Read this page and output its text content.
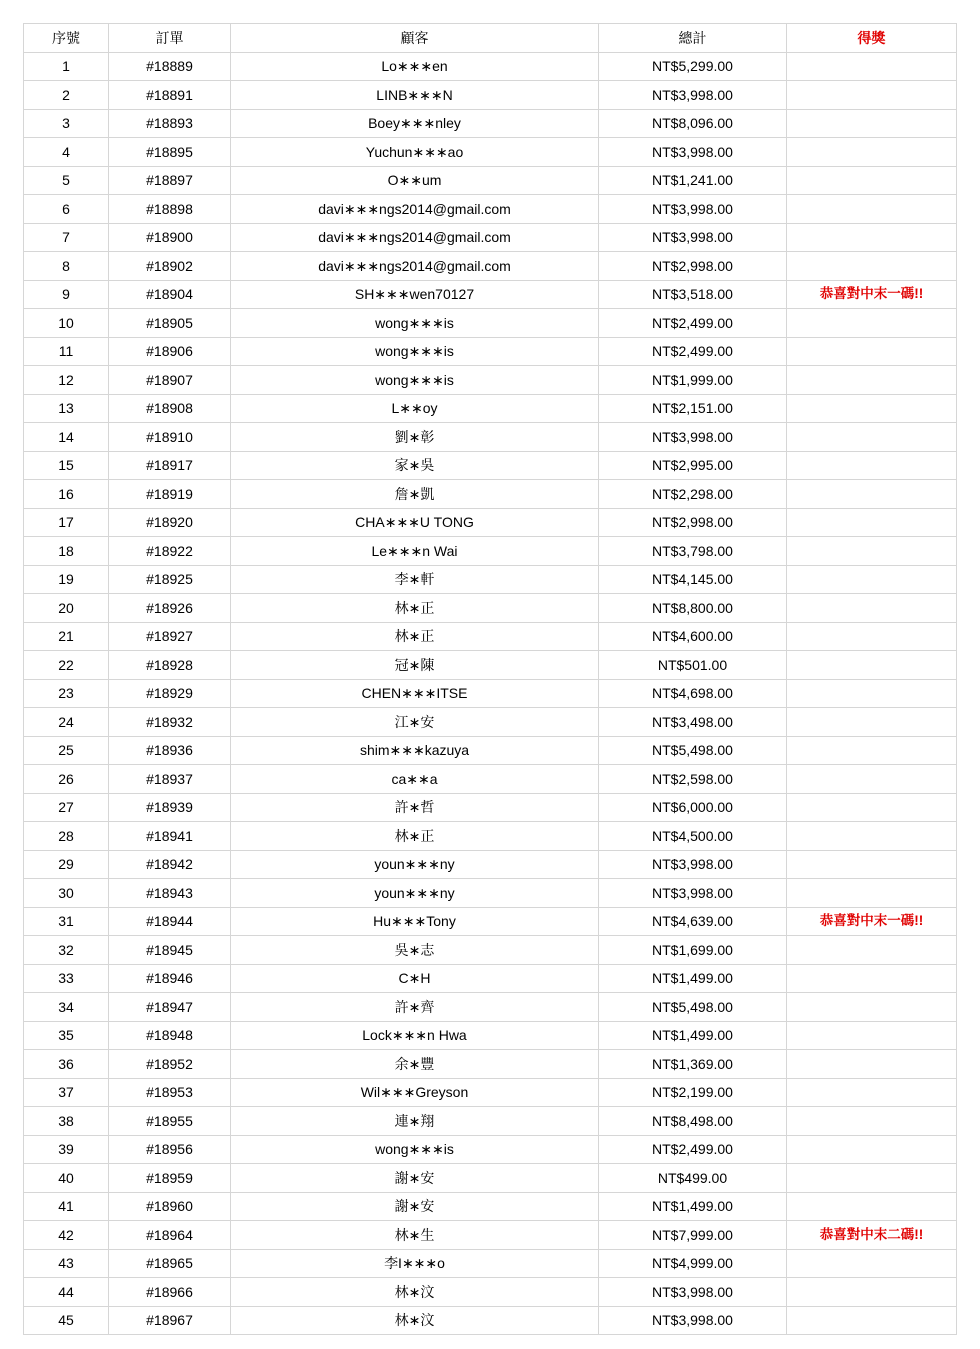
序號	訂單	顧客	總計	得獎
1	#18889	Lo∗∗∗en	NT$5,299.00	
2	#18891	LINB∗∗∗N	NT$3,998.00	
3	#18893	Boey∗∗∗nley	NT$8,096.00	
4	#18895	Yuchun∗∗∗ao	NT$3,998.00	
5	#18897	O∗∗um	NT$1,241.00	
6	#18898	davi∗∗∗ngs2014@gmail.com	NT$3,998.00	
7	#18900	davi∗∗∗ngs2014@gmail.com	NT$3,998.00	
8	#18902	davi∗∗∗ngs2014@gmail.com	NT$2,998.00	
9	#18904	SH∗∗∗wen70127	NT$3,518.00	恭喜對中末一碼!!
10	#18905	wong∗∗∗is	NT$2,499.00	
11	#18906	wong∗∗∗is	NT$2,499.00	
12	#18907	wong∗∗∗is	NT$1,999.00	
13	#18908	L∗∗oy	NT$2,151.00	
14	#18910	劉∗彰	NT$3,998.00	
15	#18917	家∗吳	NT$2,995.00	
16	#18919	詹∗凱	NT$2,298.00	
17	#18920	CHA∗∗∗U TONG	NT$2,998.00	
18	#18922	Le∗∗∗n Wai	NT$3,798.00	
19	#18925	李∗軒	NT$4,145.00	
20	#18926	林∗正	NT$8,800.00	
21	#18927	林∗正	NT$4,600.00	
22	#18928	冠∗陳	NT$501.00	
23	#18929	CHEN∗∗∗ITSE	NT$4,698.00	
24	#18932	江∗安	NT$3,498.00	
25	#18936	shim∗∗∗kazuya	NT$5,498.00	
26	#18937	ca∗∗a	NT$2,598.00	
27	#18939	許∗哲	NT$6,000.00	
28	#18941	林∗正	NT$4,500.00	
29	#18942	youn∗∗∗ny	NT$3,998.00	
30	#18943	youn∗∗∗ny	NT$3,998.00	
31	#18944	Hu∗∗∗Tony	NT$4,639.00	恭喜對中末一碼!!
32	#18945	吳∗志	NT$1,699.00	
33	#18946	C∗H	NT$1,499.00	
34	#18947	許∗齊	NT$5,498.00	
35	#18948	Lock∗∗∗n Hwa	NT$1,499.00	
36	#18952	余∗豐	NT$1,369.00	
37	#18953	Wil∗∗∗Greyson	NT$2,199.00	
38	#18955	連∗翔	NT$8,498.00	
39	#18956	wong∗∗∗is	NT$2,499.00	
40	#18959	謝∗安	NT$499.00	
41	#18960	謝∗安	NT$1,499.00	
42	#18964	林∗生	NT$7,999.00	恭喜對中末二碼!!
43	#18965	李I∗∗∗o	NT$4,999.00	
44	#18966	林∗汶	NT$3,998.00	
45	#18967	林∗汶	NT$3,998.00	
